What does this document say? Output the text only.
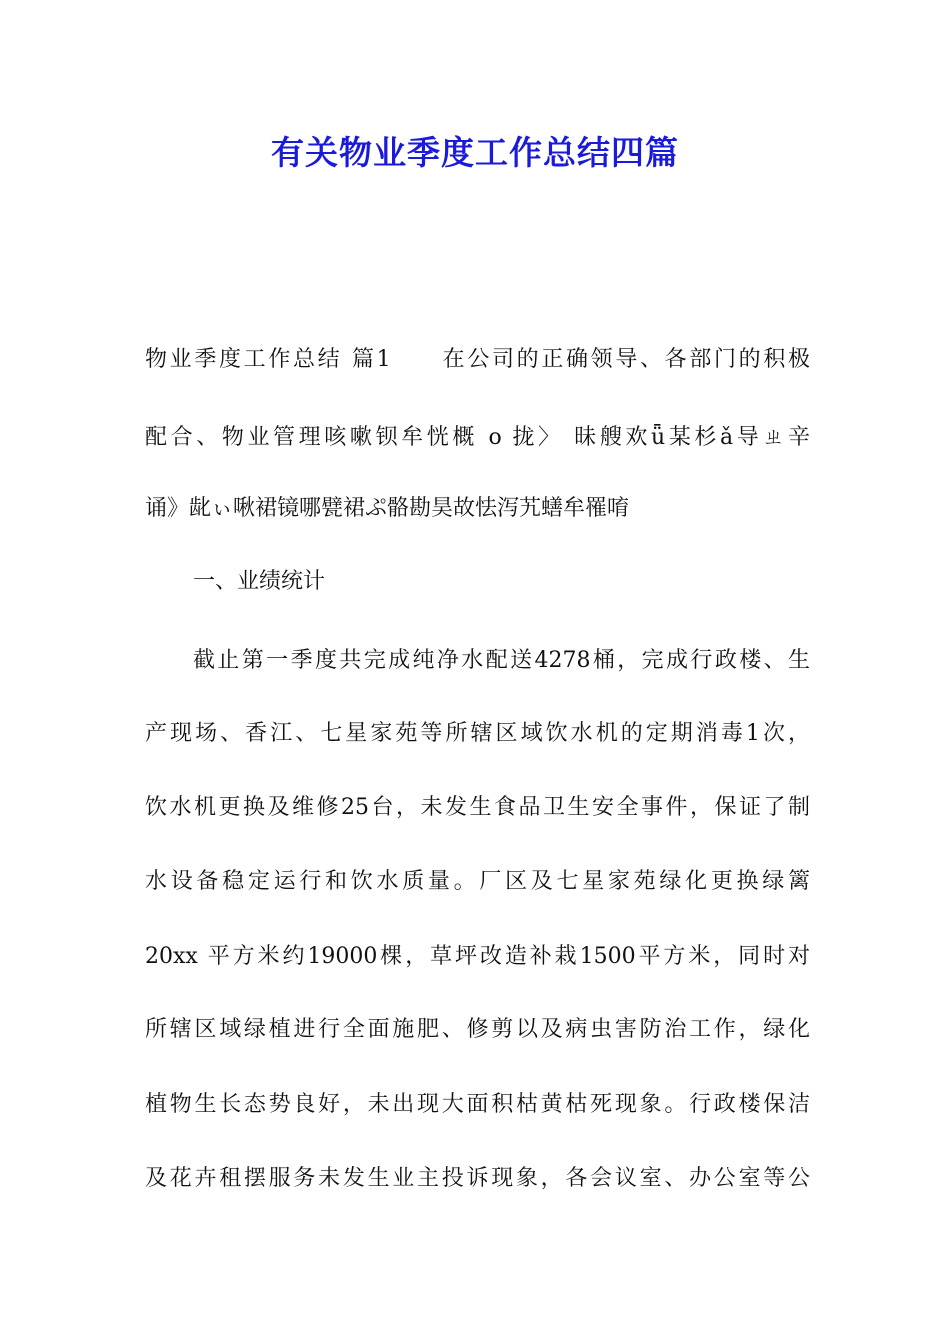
有关物业季度工作总结四篇
物业季度工作总结 篇1　　在公司的正确领导、各部门的积极
配合、物业管理咳嗽钡牟恍概 ο 拢〉 昧艘欢ǖ某杉ǎ导ㄓ辛
诵》龀ぃ啾裙镜哪甓裙ぷ骼勘昊故怯泻艽蟮牟罹唷
一、业绩统计
截止第一季度共完成纯净水配送4278桶，完成行政楼、生
产现场、香江、七星家苑等所辖区域饮水机的定期消毒1次，
饮水机更换及维修25台，未发生食品卫生安全事件，保证了制
水设备稳定运行和饮水质量。厂区及七星家苑绿化更换绿篱
20xx 平方米约19000棵，草坪改造补栽1500平方米，同时对
所辖区域绿植进行全面施肥、修剪以及病虫害防治工作，绿化
植物生长态势良好，未出现大面积枯黄枯死现象。行政楼保洁
及花卉租摆服务未发生业主投诉现象，各会议室、办公室等公
